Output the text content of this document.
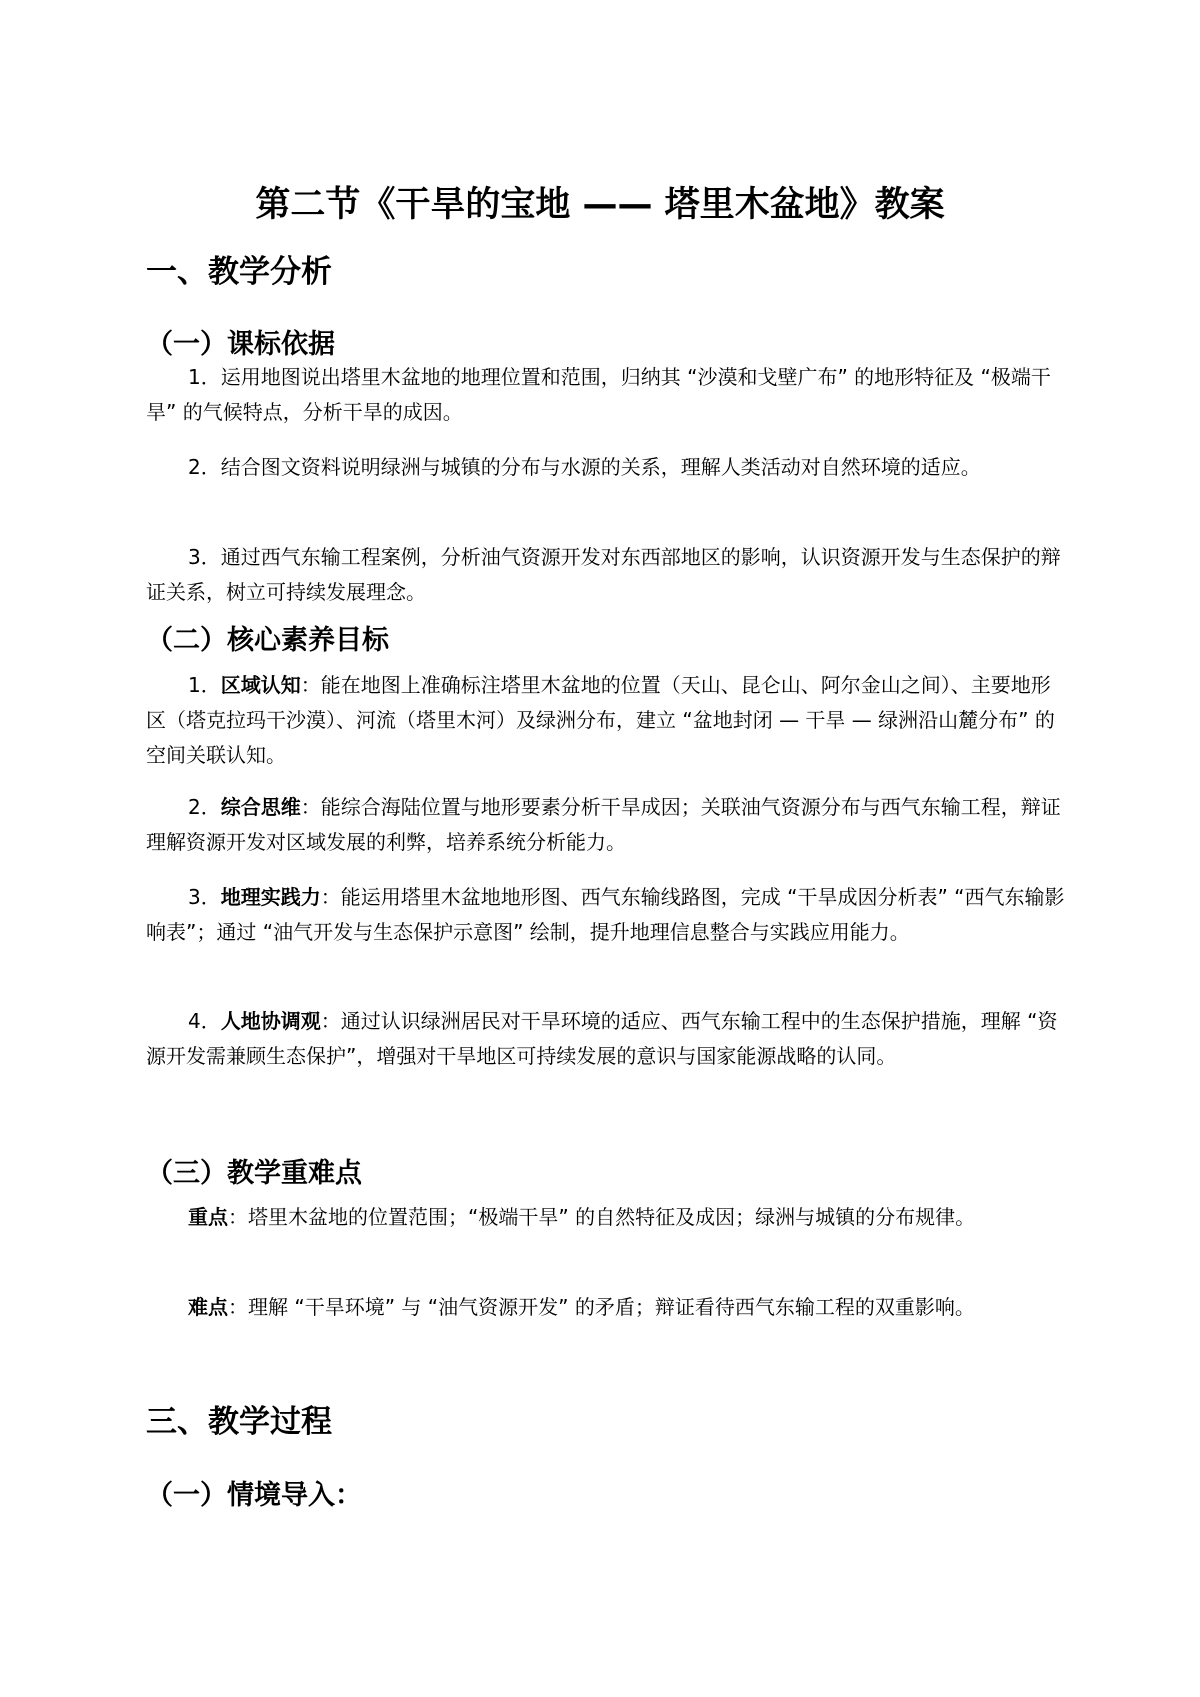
第二节《干旱的宝地 —— 塔里木盆地》教案
一、教学分析
（一）课标依据

1．运用地图说出塔里木盆地的地理位置和范围，归纳其 “沙漠和戈壁广布” 的地形特征及 “极端干旱” 的气候特点，分析干旱的成因。

2．结合图文资料说明绿洲与城镇的分布与水源的关系，理解人类活动对自然环境的适应。

3．通过西气东输工程案例，分析油气资源开发对东西部地区的影响，认识资源开发与生态保护的辩证关系，树立可持续发展理念。

（二）核心素养目标

1．区域认知：能在地图上准确标注塔里木盆地的位置（天山、昆仑山、阿尔金山之间）、主要地形区（塔克拉玛干沙漠）、河流（塔里木河）及绿洲分布，建立 “盆地封闭 — 干旱 — 绿洲沿山麓分布” 的空间关联认知。

2．综合思维：能综合海陆位置与地形要素分析干旱成因；关联油气资源分布与西气东输工程，辩证理解资源开发对区域发展的利弊，培养系统分析能力。

3．地理实践力：能运用塔里木盆地地形图、西气东输线路图，完成 “干旱成因分析表” “西气东输影响表”；通过 “油气开发与生态保护示意图” 绘制，提升地理信息整合与实践应用能力。

4．人地协调观：通过认识绿洲居民对干旱环境的适应、西气东输工程中的生态保护措施，理解 “资源开发需兼顾生态保护”，增强对干旱地区可持续发展的意识与国家能源战略的认同。

（三）教学重难点

重点：塔里木盆地的位置范围；“极端干旱” 的自然特征及成因；绿洲与城镇的分布规律。

难点：理解 “干旱环境” 与 “油气资源开发” 的矛盾；辩证看待西气东输工程的双重影响。

三、教学过程
（一）情境导入：
